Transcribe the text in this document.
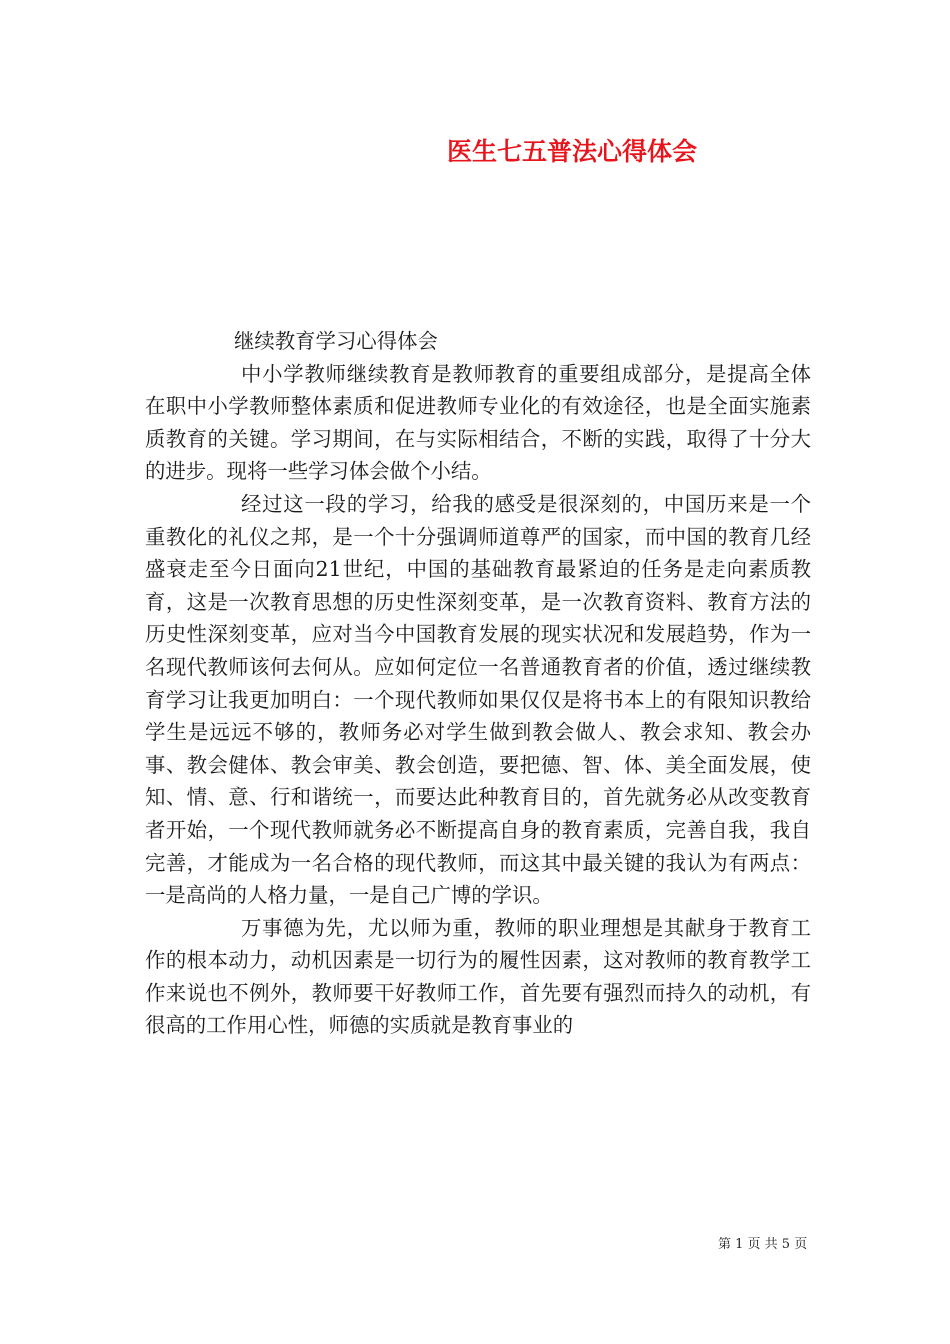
医生七五普法心得体会

继续教育学习心得体会

中小学教师继续教育是教师教育的重要组成部分，是提高全体在职中小学教师整体素质和促进教师专业化的有效途径，也是全面实施素质教育的关键。学习期间，在与实际相结合，不断的实践，取得了十分大的进步。现将一些学习体会做个小结。

经过这一段的学习，给我的感受是很深刻的，中国历来是一个重教化的礼仪之邦，是一个十分强调师道尊严的国家，而中国的教育几经盛衰走至今日面向21世纪，中国的基础教育最紧迫的任务是走向素质教育，这是一次教育思想的历史性深刻变革，是一次教育资料、教育方法的历史性深刻变革，应对当今中国教育发展的现实状况和发展趋势，作为一名现代教师该何去何从。应如何定位一名普通教育者的价值，透过继续教育学习让我更加明白：一个现代教师如果仅仅是将书本上的有限知识教给学生是远远不够的，教师务必对学生做到教会做人、教会求知、教会办事、教会健体、教会审美、教会创造，要把德、智、体、美全面发展，使知、情、意、行和谐统一，而要达此种教育目的，首先就务必从改变教育者开始，一个现代教师就务必不断提高自身的教育素质，完善自我，我自完善，才能成为一名合格的现代教师，而这其中最关键的我认为有两点：一是高尚的人格力量，一是自己广博的学识。

万事德为先，尤以师为重，教师的职业理想是其献身于教育工作的根本动力，动机因素是一切行为的履性因素，这对教师的教育教学工作来说也不例外，教师要干好教师工作，首先要有强烈而持久的动机，有很高的工作用心性，师德的实质就是教育事业的

第 1 页 共 5 页
